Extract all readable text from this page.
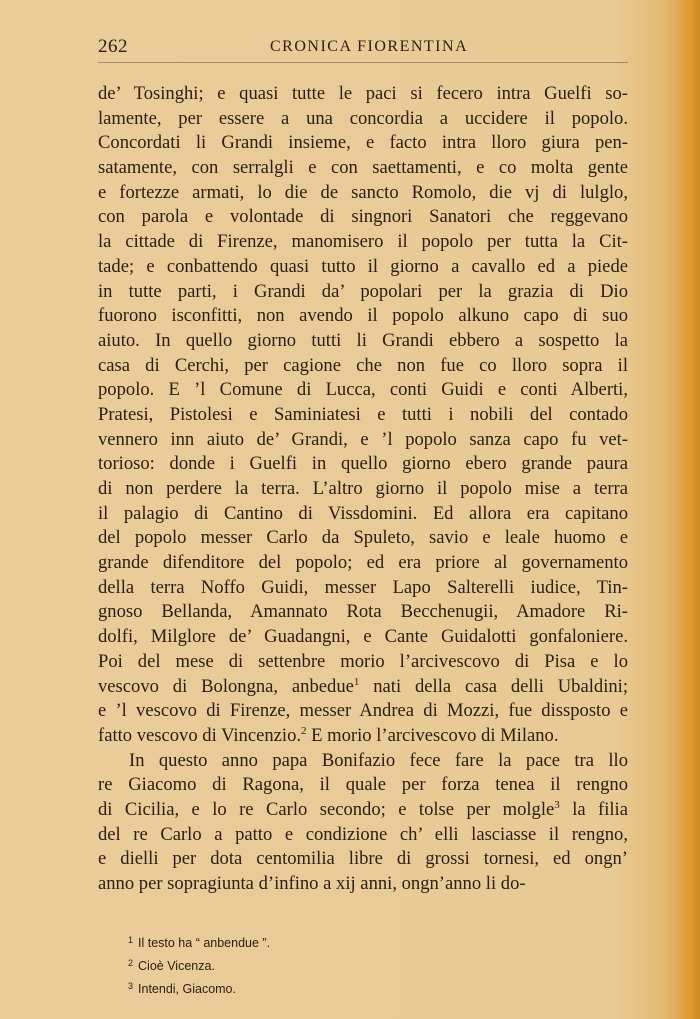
262	CRONICA FIORENTINA
de’ Tosinghi; e quasi tutte le paci si fecero intra Guelfi so-
lamente, per essere a una concordia a uccidere il popolo.
Concordati li Grandi insieme, e facto intra lloro giura pen-
satamente, con serralgli e con saettamenti, e co molta gente
e fortezze armati, lo die de sancto Romolo, die vj di lulglo,
con parola e volontade di singnori Sanatori che reggevano
la cittade di Firenze, manomisero il popolo per tutta la Cit-
tade; e conbattendo quasi tutto il giorno a cavallo ed a piede
in tutte parti, i Grandi da’ popolari per la grazia di Dio
fuorono isconfitti, non avendo il popolo alkuno capo di suo
aiuto. In quello giorno tutti li Grandi ebbero a sospetto la
casa di Cerchi, per cagione che non fue co lloro sopra il
popolo. E ’l Comune di Lucca, conti Guidi e conti Alberti,
Pratesi, Pistolesi e Saminiatesi e tutti i nobili del contado
vennero inn aiuto de’ Grandi, e ’l popolo sanza capo fu vet-
torioso: donde i Guelfi in quello giorno ebero grande paura
di non perdere la terra. L’altro giorno il popolo mise a terra
il palagio di Cantino di Vissdomini. Ed allora era capitano
del popolo messer Carlo da Spuleto, savio e leale huomo e
grande difenditore del popolo; ed era priore al governamento
della terra Noffo Guidi, messer Lapo Salterelli iudice, Tin-
gnoso Bellanda, Amannato Rota Becchenugii, Amadore Ri-
dolfi, Milglore de’ Guadangni, e Cante Guidalotti gonfaloniere.
Poi del mese di settenbre morio l’arcivescovo di Pisa e lo
vescovo di Bolongna, anbedue$^1$ nati della casa delli Ubaldini;
e ’l vescovo di Firenze, messer Andrea di Mozzi, fue dissposto e
fatto vescovo di Vincenzio.$^2$ E morio l’arcivescovo di Milano.
In questo anno papa Bonifazio fece fare la pace tra llo
re Giacomo di Ragona, il quale per forza tenea il rengno
di Cicilia, e lo re Carlo secondo; e tolse per molgle$^3$ la filia
del re Carlo a patto e condizione ch’ elli lasciasse il rengno,
e dielli per dota centomilia libre di grossi tornesi, ed ongn’
anno per sopragiunta d’infino a xij anni, ongn’anno li do-
$^1$ Il testo ha “ anbendue ”.
$^2$ Cioè Vicenza.
$^3$ Intendi, Giacomo.
